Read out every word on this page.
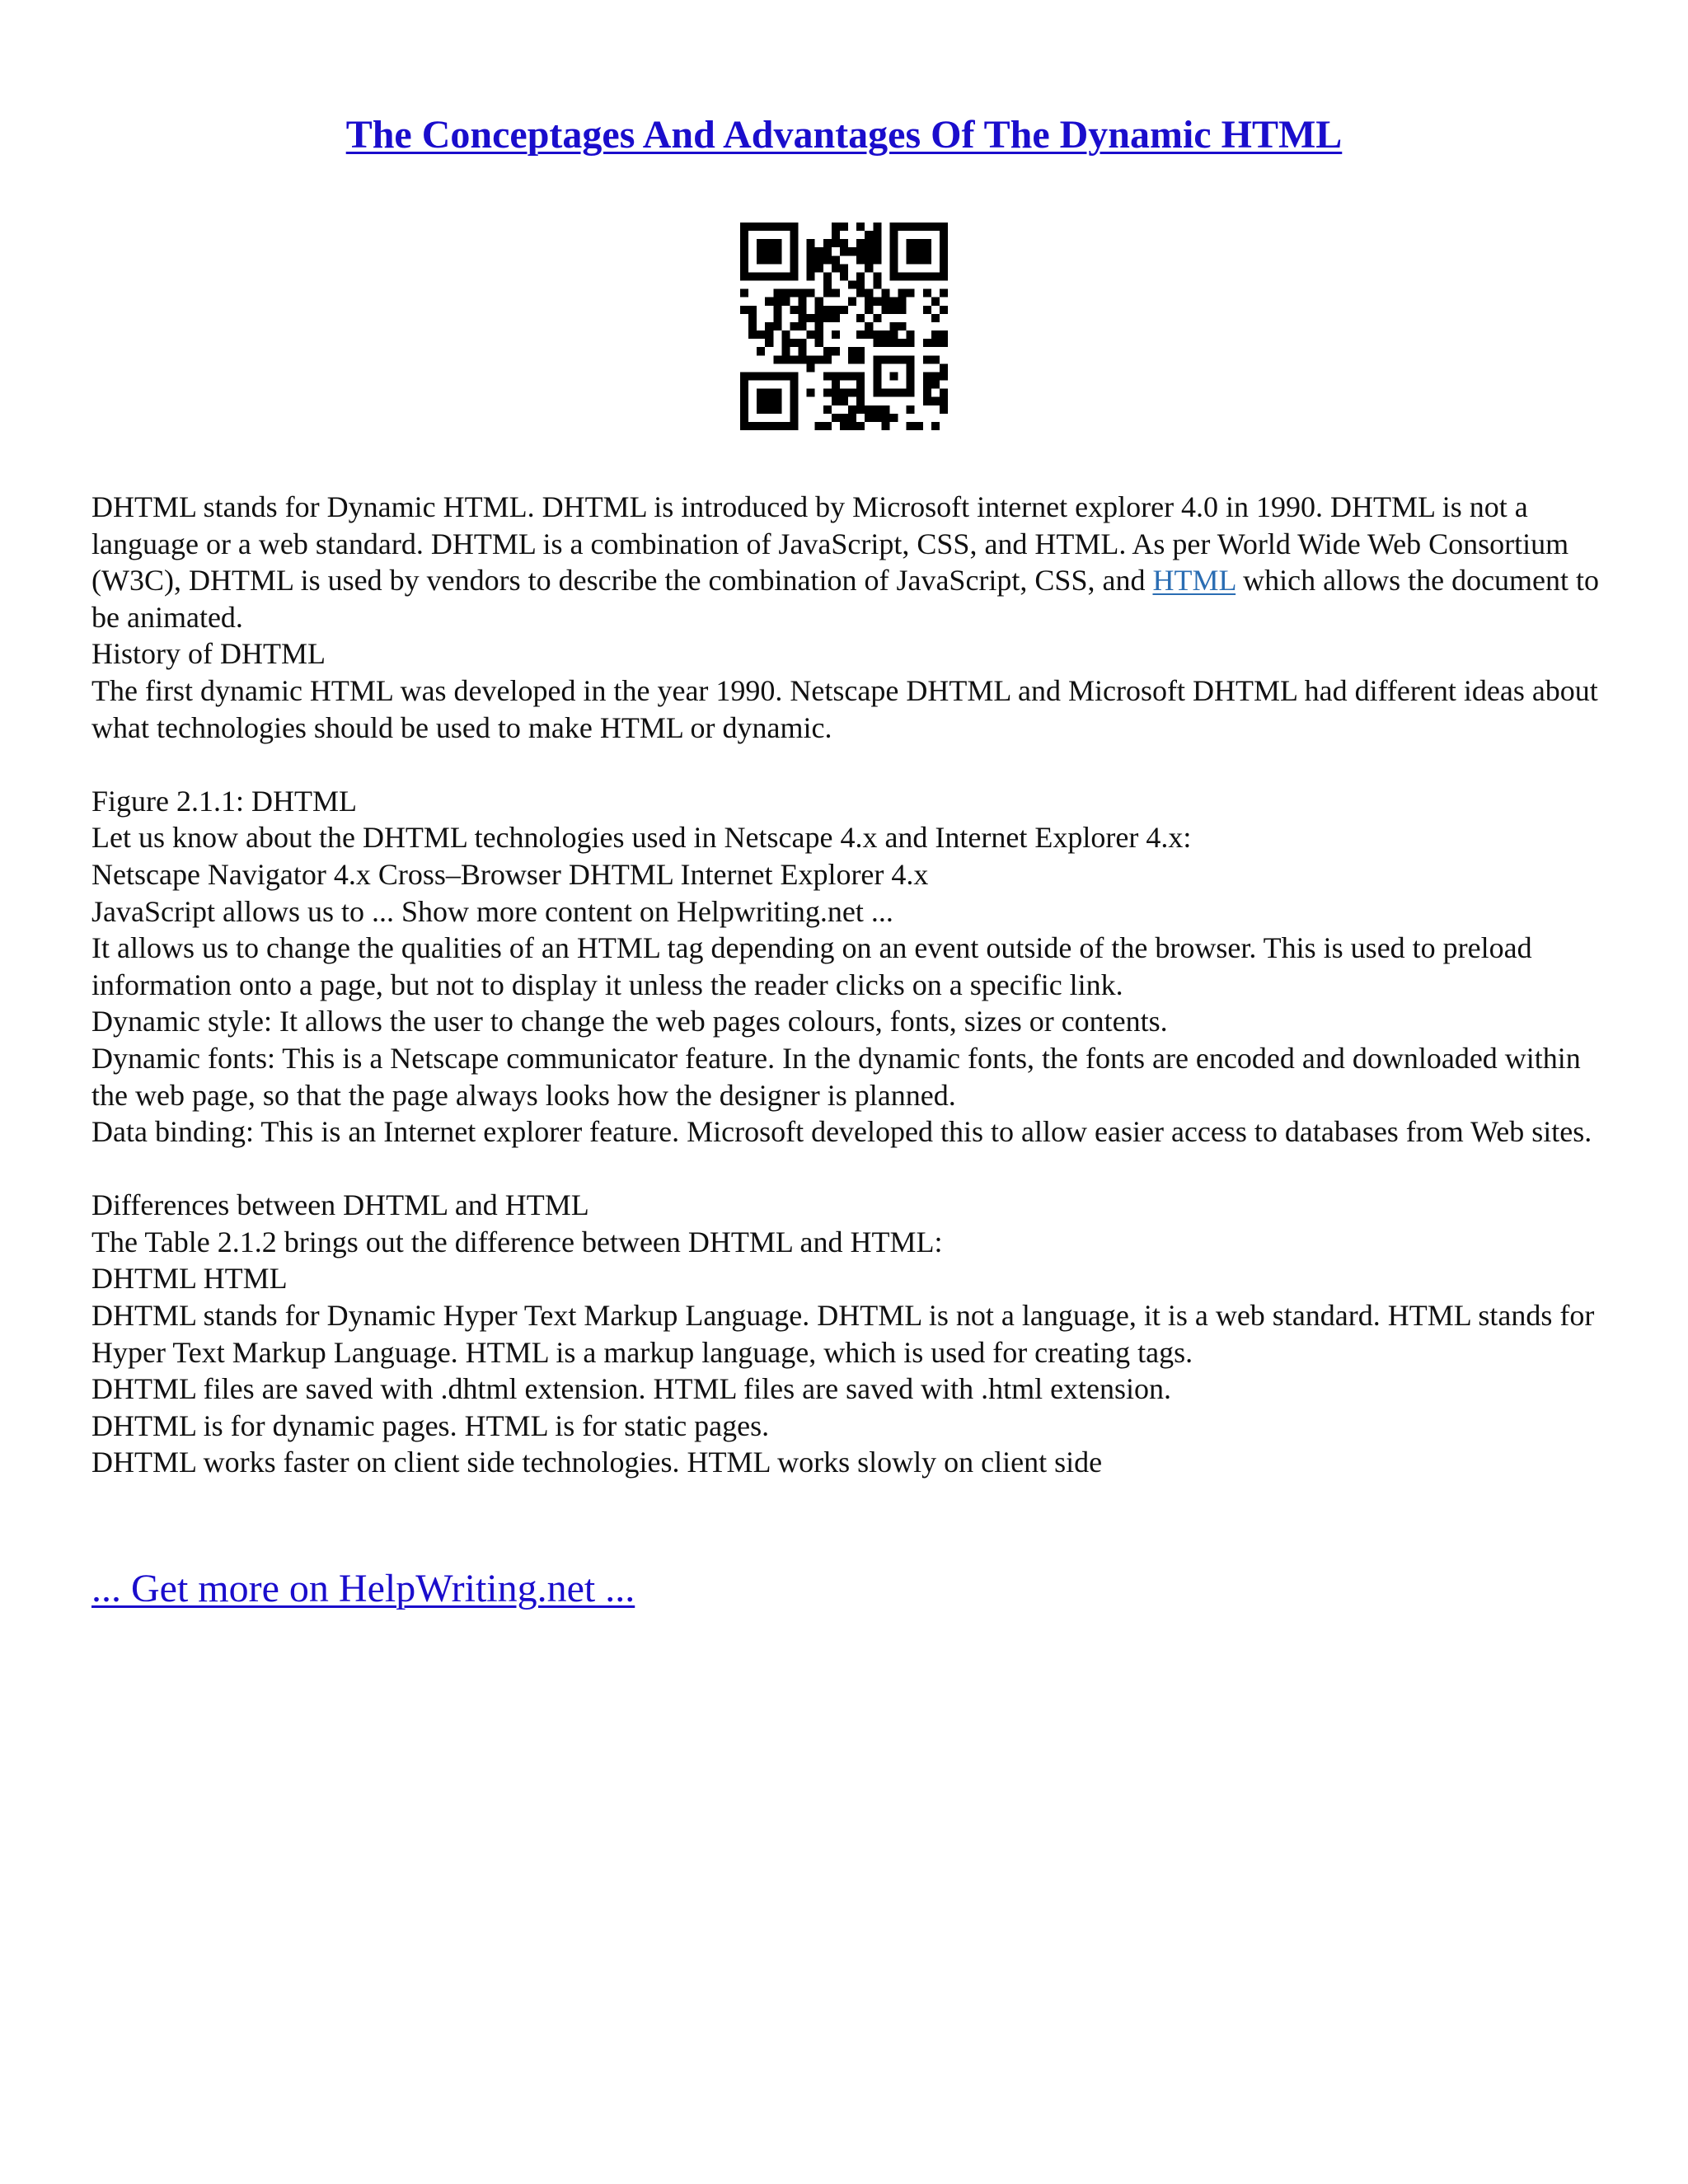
The Conceptages And Advantages Of The Dynamic HTML

DHTML stands for Dynamic HTML. DHTML is introduced by Microsoft internet explorer 4.0 in 1990. DHTML is not a language or a web standard. DHTML is a combination of JavaScript, CSS, and HTML. As per World Wide Web Consortium (W3C), DHTML is used by vendors to describe the combination of JavaScript, CSS, and HTML which allows the document to be animated.

History of DHTML

The first dynamic HTML was developed in the year 1990. Netscape DHTML and Microsoft DHTML had different ideas about what technologies should be used to make HTML or dynamic.

Figure 2.1.1: DHTML

Let us know about the DHTML technologies used in Netscape 4.x and Internet Explorer 4.x:

Netscape Navigator 4.x Cross–Browser DHTML Internet Explorer 4.x

JavaScript allows us to ... Show more content on Helpwriting.net ...

It allows us to change the qualities of an HTML tag depending on an event outside of the browser. This is used to preload information onto a page, but not to display it unless the reader clicks on a specific link.

Dynamic style: It allows the user to change the web pages colours, fonts, sizes or contents.

Dynamic fonts: This is a Netscape communicator feature. In the dynamic fonts, the fonts are encoded and downloaded within the web page, so that the page always looks how the designer is planned.

Data binding: This is an Internet explorer feature. Microsoft developed this to allow easier access to databases from Web sites.

Differences between DHTML and HTML

The Table 2.1.2 brings out the difference between DHTML and HTML:

DHTML HTML

DHTML stands for Dynamic Hyper Text Markup Language. DHTML is not a language, it is a web standard. HTML stands for Hyper Text Markup Language. HTML is a markup language, which is used for creating tags.

DHTML files are saved with .dhtml extension. HTML files are saved with .html extension.

DHTML is for dynamic pages. HTML is for static pages.

DHTML works faster on client side technologies. HTML works slowly on client side

... Get more on HelpWriting.net ...
